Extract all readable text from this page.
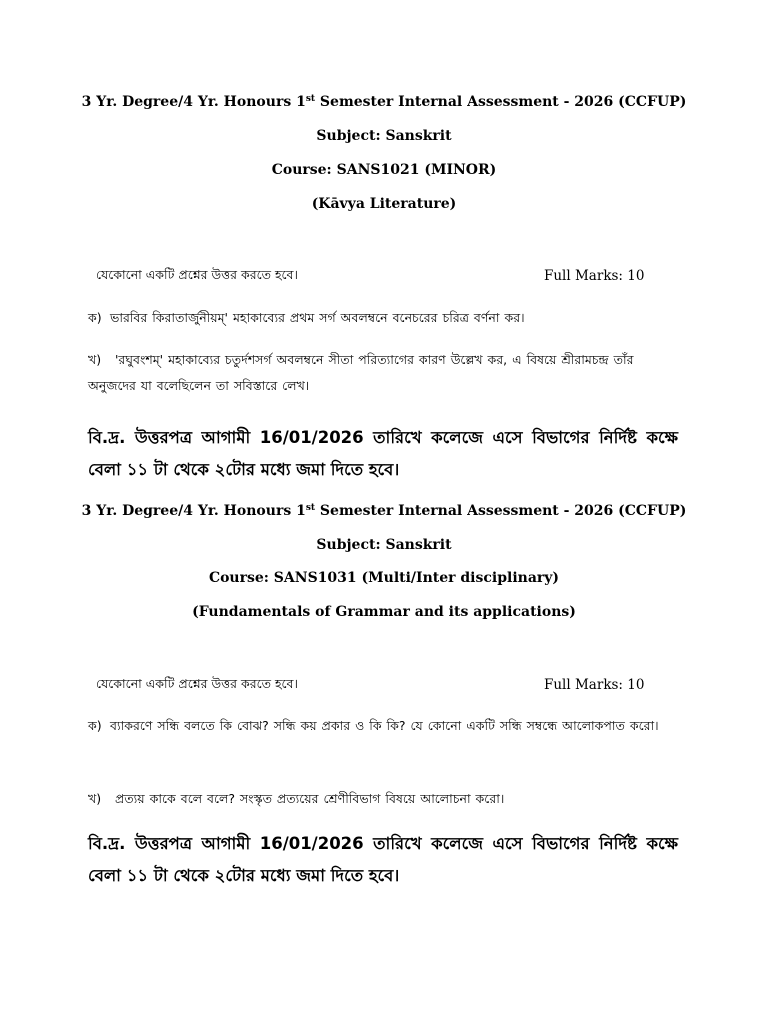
3 Yr. Degree/4 Yr. Honours 1st Semester Internal Assessment - 2026 (CCFUP)
Subject: Sanskrit
Course: SANS1021 (MINOR)
(Kāvya Literature)
যেকোনো একটি প্রশ্নের উত্তর করতে হবে।	Full Marks: 10
ক) ভারবির কিরাতার্জুনীয়ম্' মহাকাব্যের প্রথম সর্গ অবলম্বনে বনেচরের চরিত্র বর্ণনা কর।
খ) 'রঘুবংশম্' মহাকাব্যের চতুর্দশসর্গ অবলম্বনে সীতা পরিত্যাগের কারণ উল্লেখ কর, এ বিষয়ে শ্রীরামচন্দ্র তাঁর অনুজদের যা বলেছিলেন তা সবিস্তারে লেখ।
বি.দ্র. উত্তরপত্র আগামী 16/01/2026 তারিখে কলেজে এসে বিভাগের নির্দিষ্ট কক্ষে বেলা ১১ টা থেকে ২টোর মধ্যে জমা দিতে হবে।
3 Yr. Degree/4 Yr. Honours 1st Semester Internal Assessment - 2026 (CCFUP)
Subject: Sanskrit
Course: SANS1031 (Multi/Inter disciplinary)
(Fundamentals of Grammar and its applications)
যেকোনো একটি প্রশ্নের উত্তর করতে হবে।	Full Marks: 10
ক) ব্যাকরণে সন্ধি বলতে কি বোঝ? সন্ধি কয় প্রকার ও কি কি? যে কোনো একটি সন্ধি সম্বন্ধে আলোকপাত করো।
খ) প্রত্যয় কাকে বলে বলে? সংস্কৃত প্রত্যয়ের শ্রেণীবিভাগ বিষয়ে আলোচনা করো।
বি.দ্র. উত্তরপত্র আগামী 16/01/2026 তারিখে কলেজে এসে বিভাগের নির্দিষ্ট কক্ষে বেলা ১১ টা থেকে ২টোর মধ্যে জমা দিতে হবে।
